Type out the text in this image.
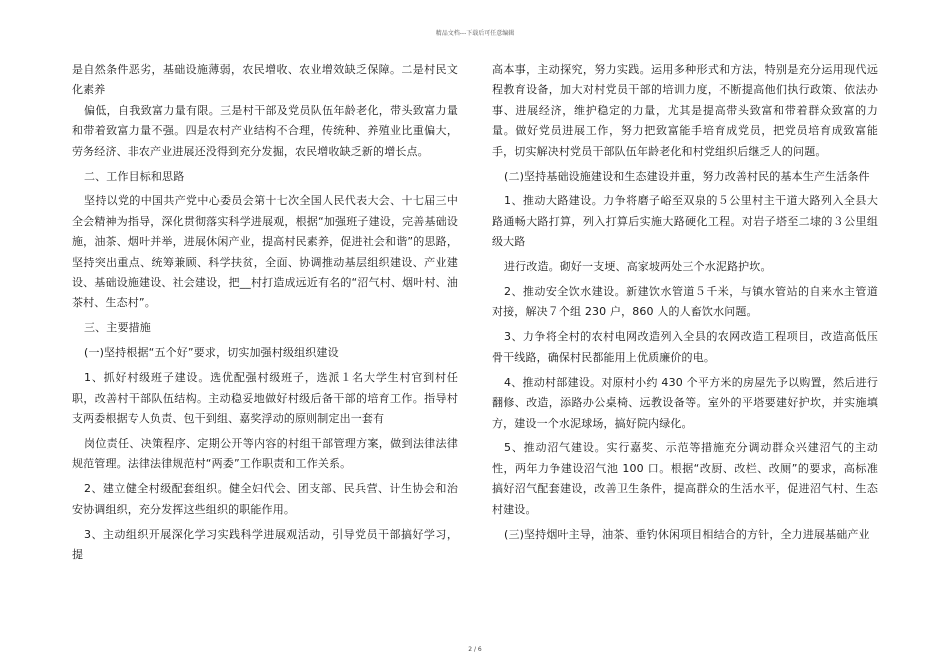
精品文档---下载后可任意编辑

是自然条件恶劣，基础设施薄弱，农民增收、农业增效缺乏保障。二是村民文化素养

偏低，自我致富力量有限。三是村干部及党员队伍年龄老化，带头致富力量和带着致富力量不强。四是农村产业结构不合理，传统种、养殖业比重偏大，劳务经济、非农产业进展还没得到充分发掘，农民增收缺乏新的增长点。

二、工作目标和思路

坚持以党的中国共产党中心委员会第十七次全国人民代表大会、十七届三中全会精神为指导，深化贯彻落实科学进展观，根据“加强班子建设，完善基础设施，油茶、烟叶并举，进展休闲产业，提高村民素养，促进社会和谐”的思路，坚持突出重点、统筹兼顾、科学扶贫，全面、协调推动基层组织建设、产业建设、基础设施建设、社会建设，把__村打造成远近有名的“沼气村、烟叶村、油茶村、生态村”。

三、主要措施

(一)坚持根据“五个好”要求，切实加强村级组织建设

1、抓好村级班子建设。选优配强村级班子，选派１名大学生村官到村任职，改善村干部队伍结构。主动稳妥地做好村级后备干部的培育工作。指导村支两委根据专人负责、包干到组、嘉奖浮动的原则制定出一套有

岗位责任、决策程序、定期公开等内容的村组干部管理方案，做到法律法律规范管理。法律法律规范村“两委”工作职责和工作关系。

2、建立健全村级配套组织。健全妇代会、团支部、民兵营、计生协会和治安协调组织，充分发挥这些组织的职能作用。

3、主动组织开展深化学习实践科学进展观活动，引导党员干部搞好学习，提

高本事，主动探究，努力实践。运用多种形式和方法，特别是充分运用现代远程教育设备，加大对村党员干部的培训力度，不断提高他们执行政策、依法办事、进展经济，维护稳定的力量，尤其是提高带头致富和带着群众致富的力量。做好党员进展工作，努力把致富能手培育成党员，把党员培育成致富能手，切实解决村党员干部队伍年龄老化和村党组织后继乏人的问题。

(二)坚持基础设施建设和生态建设并重，努力改善村民的基本生产生活条件

1、推动大路建设。力争将磨子峪至双泉的５公里村主干道大路列入全县大路通畅大路打算，列入打算后实施大路硬化工程。对岩子塔至二埭的３公里组级大路

进行改造。砌好一支埂、高家坡两处三个水泥路护坎。

2、推动安全饮水建设。新建饮水管道５千米，与镇水管站的自来水主管道对接，解决７个组 230 户，860 人的人畜饮水问题。

3、力争将全村的农村电网改造列入全县的农网改造工程项目，改造高低压骨干线路，确保村民都能用上优质廉价的电。

4、推动村部建设。对原村小约 430 个平方米的房屋先予以购置，然后进行翻修、改造，添路办公桌椅、远教设备等。室外的平塔要建好护坎，并实施填方，建设一个水泥球场，搞好院内绿化。

5、推动沼气建设。实行嘉奖、示范等措施充分调动群众兴建沼气的主动性，两年力争建设沼气池 100 口。根据“改厨、改栏、改厕”的要求，高标准搞好沼气配套建设，改善卫生条件，提高群众的生活水平，促进沼气村、生态村建设。

(三)坚持烟叶主导，油茶、垂钓休闲项目相结合的方针，全力进展基础产业

2 / 6
